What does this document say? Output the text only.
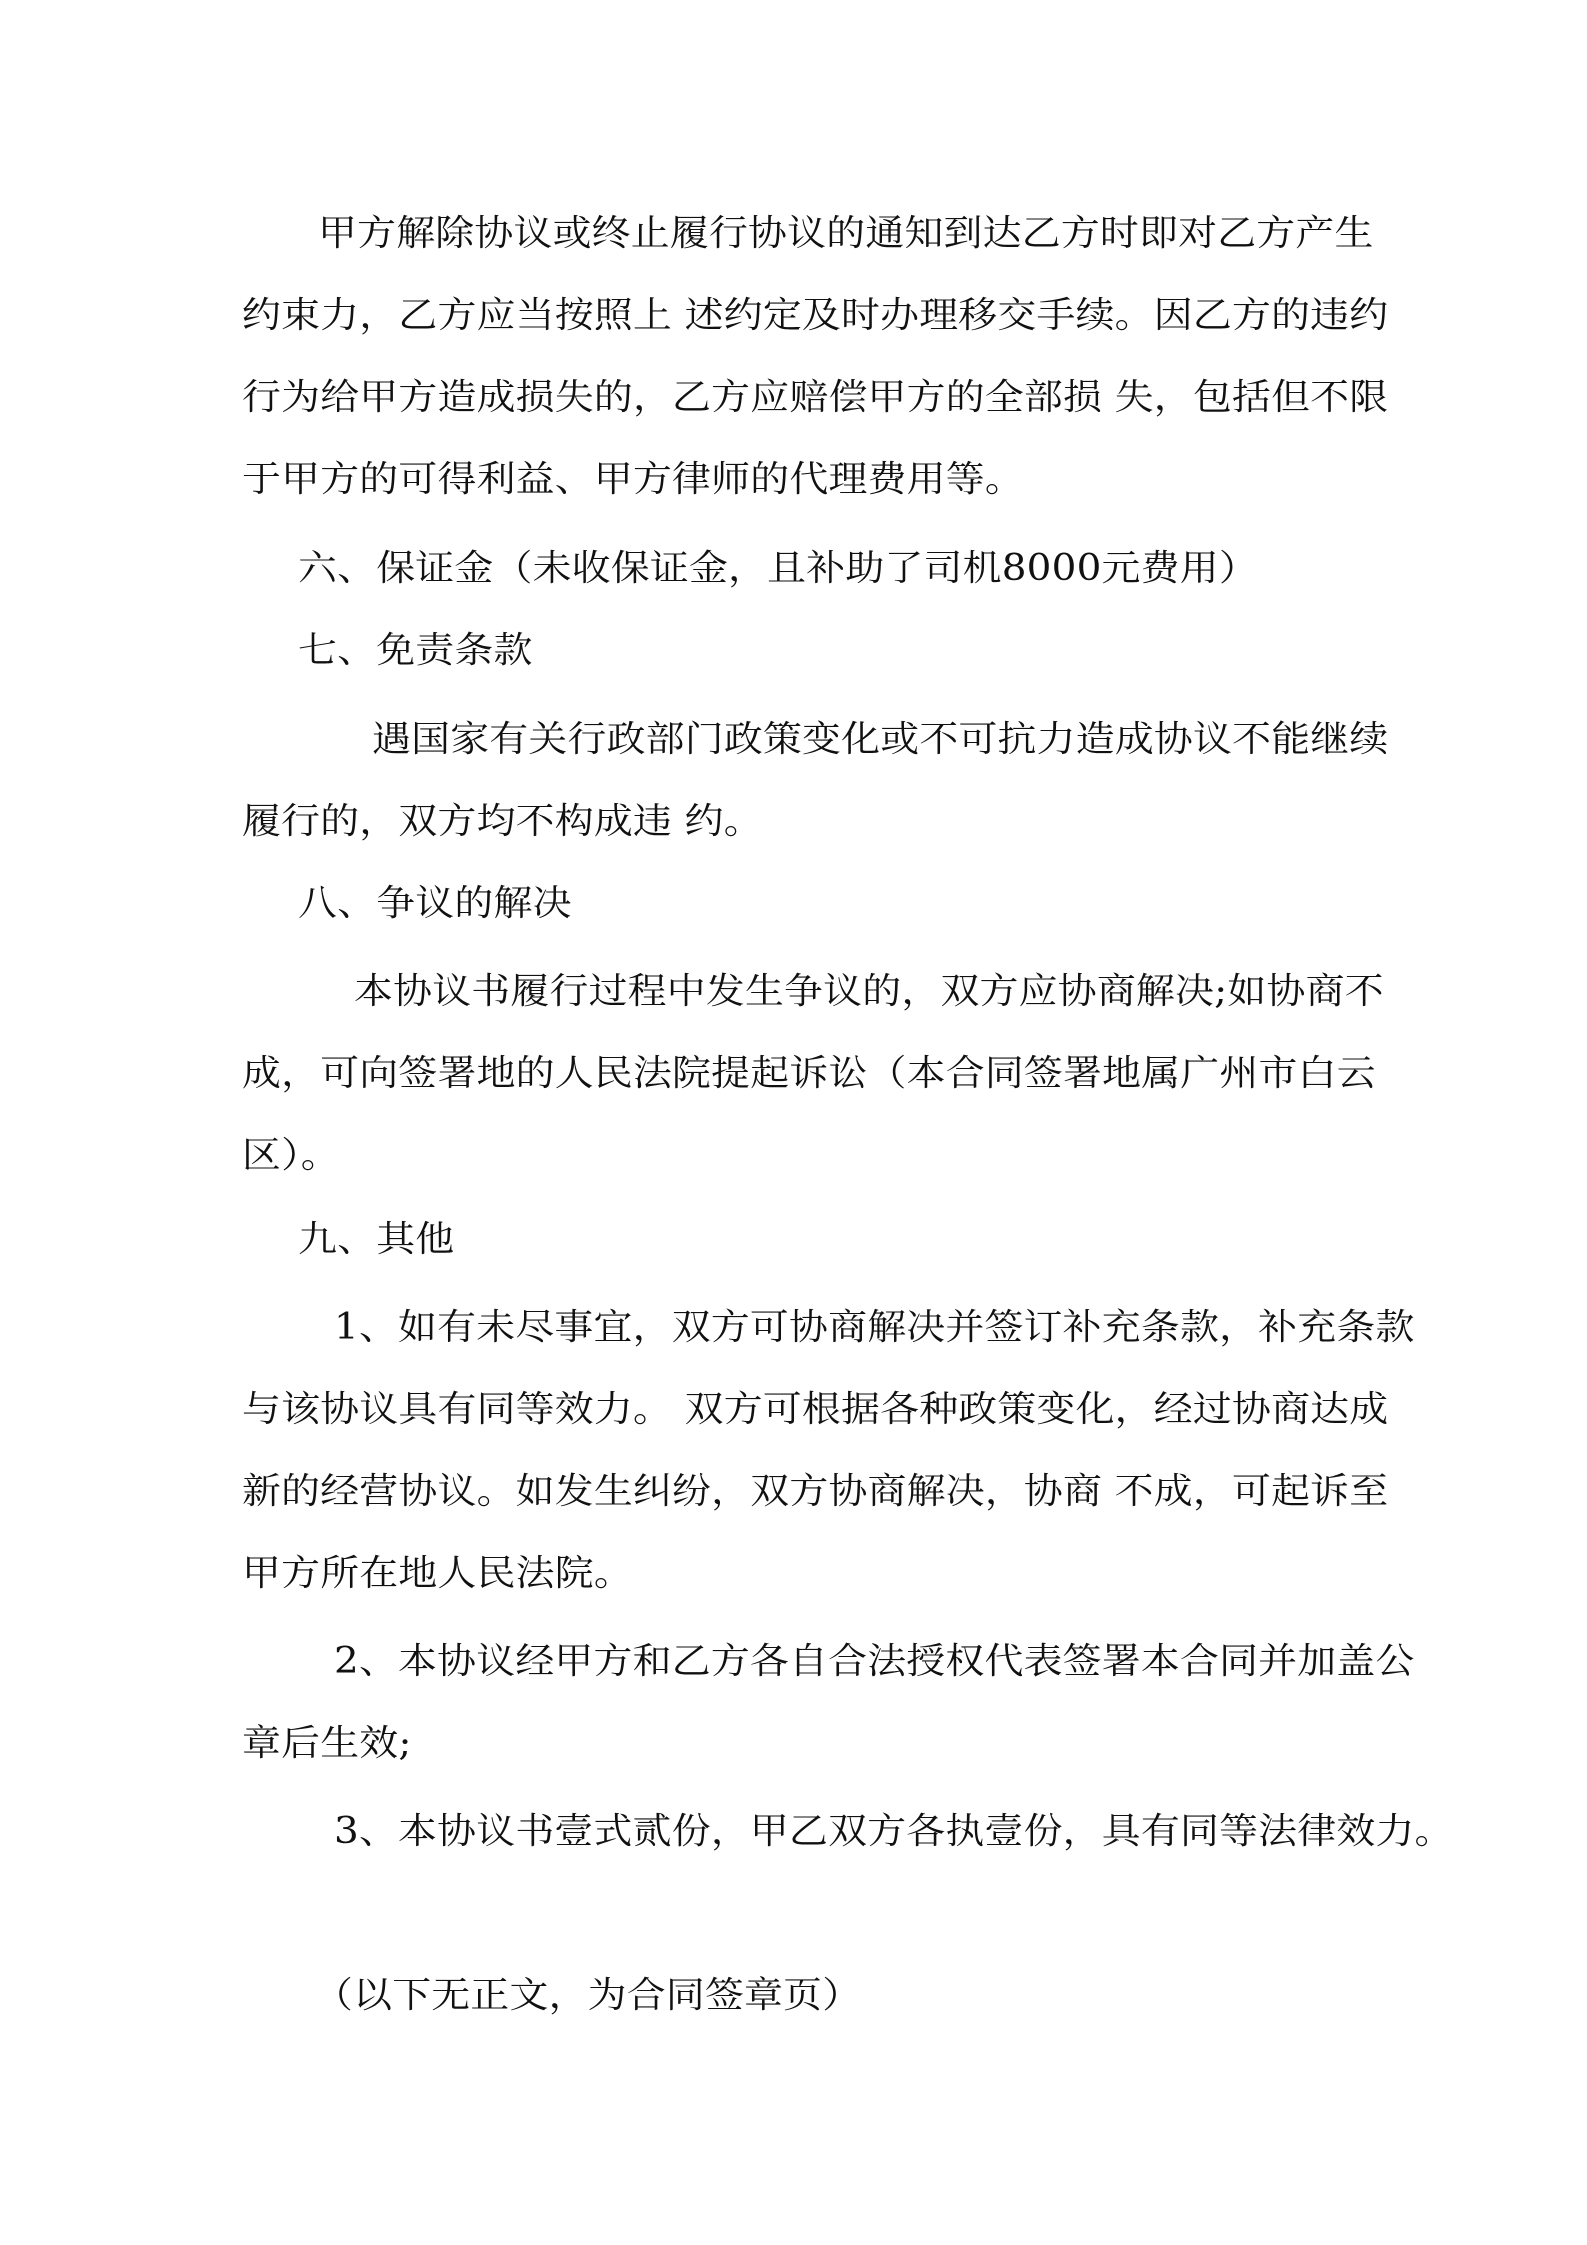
甲方解除协议或终止履行协议的通知到达乙方时即对乙方产生
约束力，乙方应当按照上 述约定及时办理移交手续。因乙方的违约
行为给甲方造成损失的，乙方应赔偿甲方的全部损 失，包括但不限
于甲方的可得利益、甲方律师的代理费用等。
六、保证金（未收保证金，且补助了司机8000元费用）
七、免责条款
遇国家有关行政部门政策变化或不可抗力造成协议不能继续
履行的，双方均不构成违 约。
八、争议的解决
本协议书履行过程中发生争议的，双方应协商解决;如协商不
成，可向签署地的人民法院提起诉讼（本合同签署地属广州市白云
区）。
九、其他
1、如有未尽事宜，双方可协商解决并签订补充条款，补充条款
与该协议具有同等效力。 双方可根据各种政策变化，经过协商达成
新的经营协议。如发生纠纷，双方协商解决，协商 不成，可起诉至
甲方所在地人民法院。
2、本协议经甲方和乙方各自合法授权代表签署本合同并加盖公
章后生效;
3、本协议书壹式贰份，甲乙双方各执壹份，具有同等法律效力。
（以下无正文，为合同签章页）
